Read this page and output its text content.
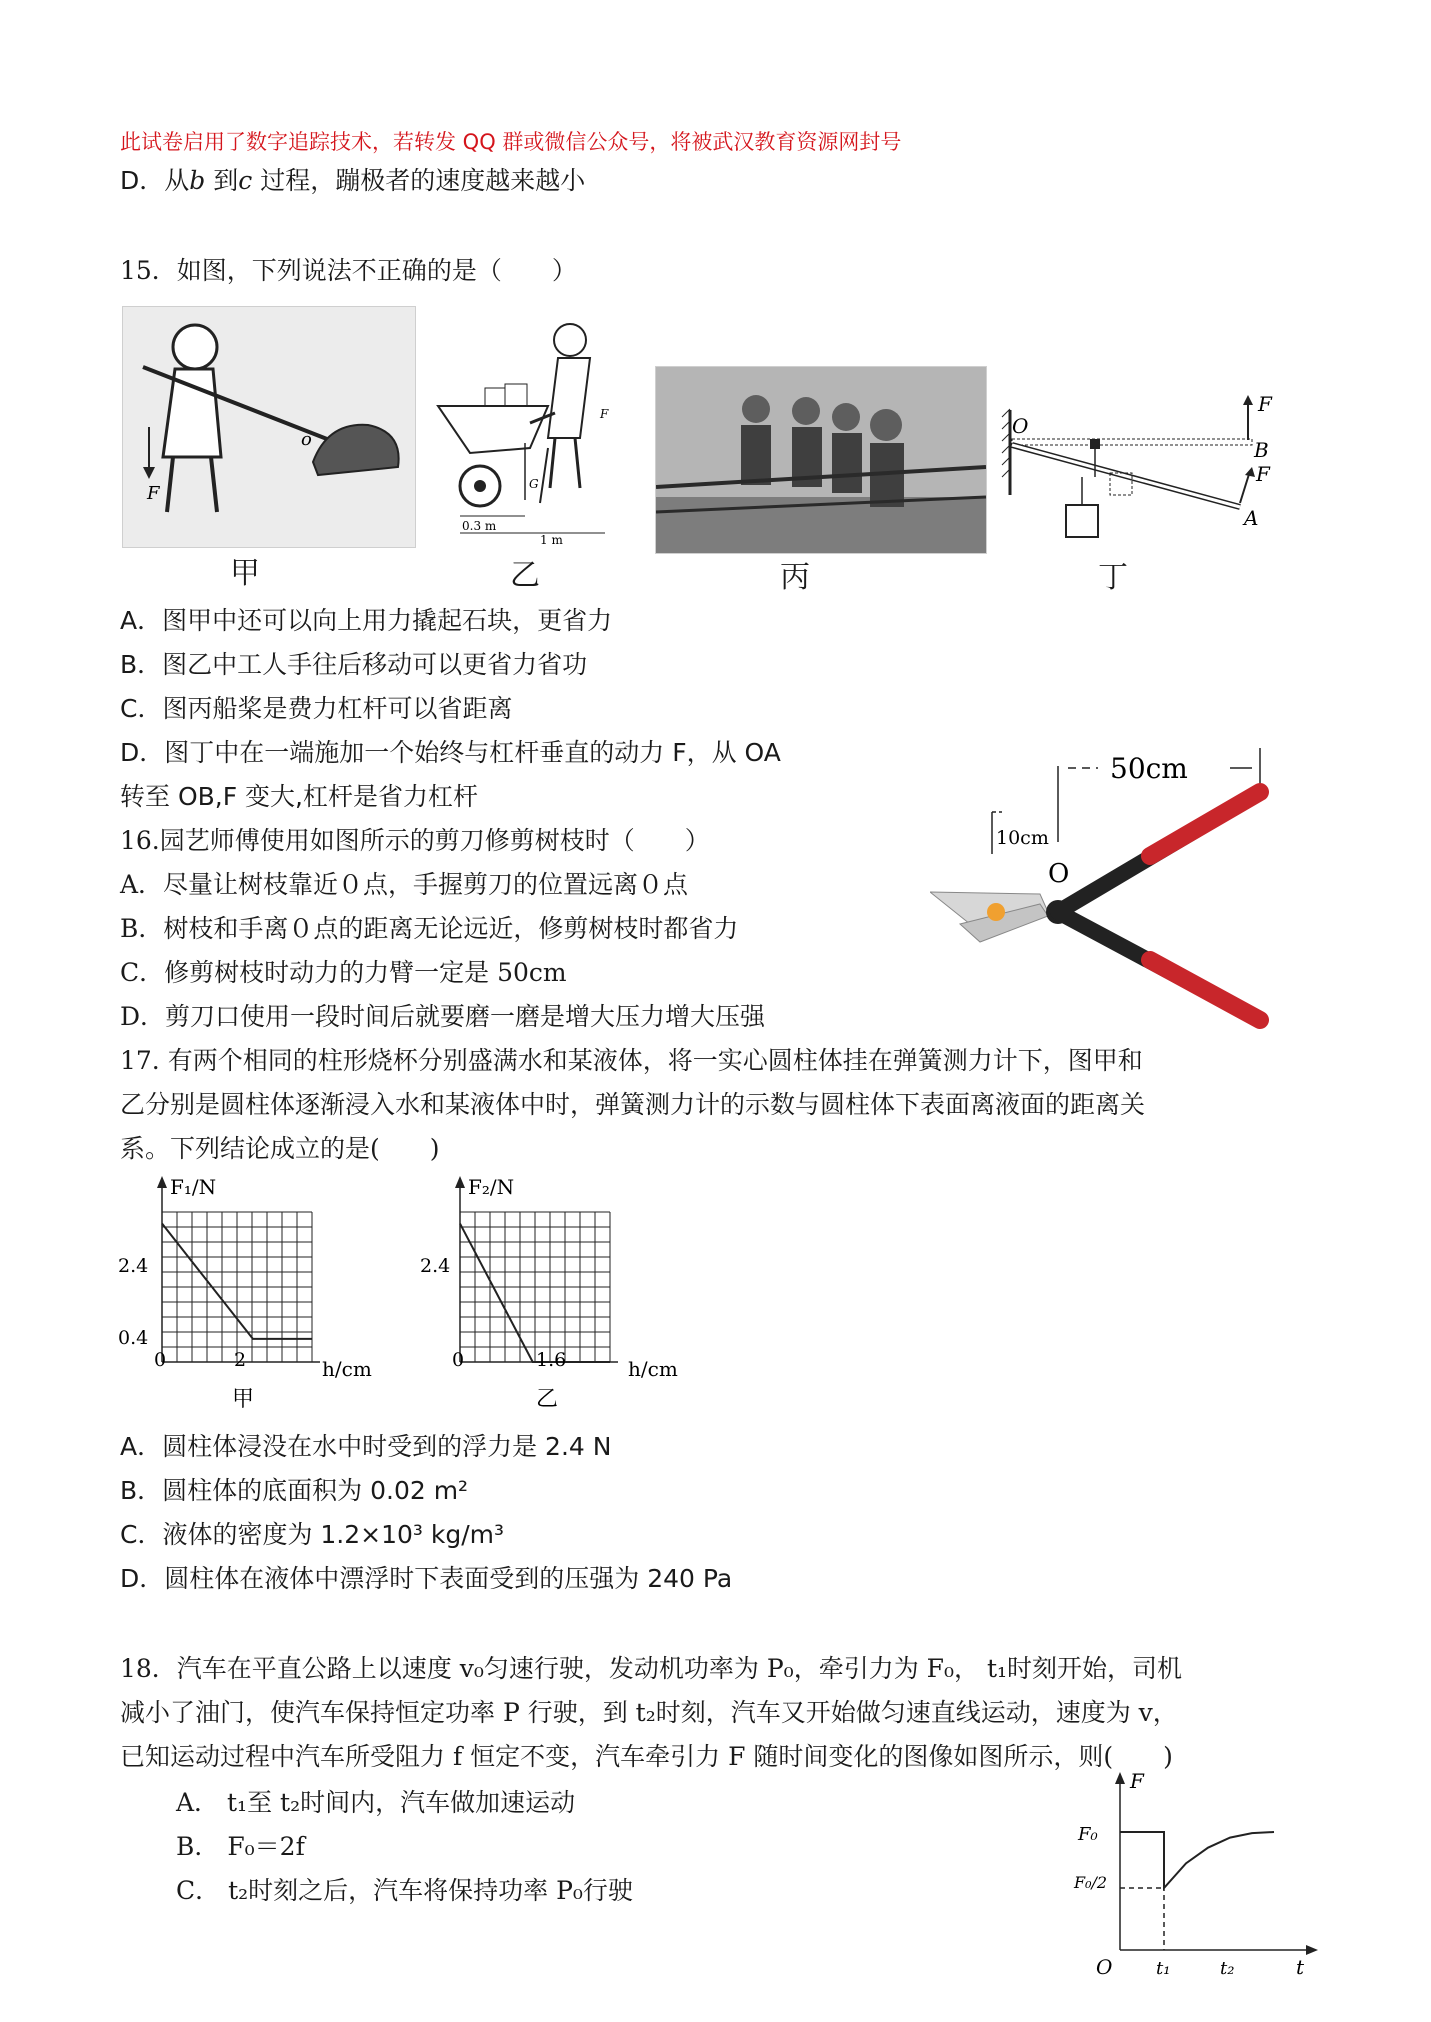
此试卷启用了数字追踪技术，若转发 QQ 群或微信公众号，将被武汉教育资源网封号
D．从b 到c 过程，蹦极者的速度越来越小
15．如图，下列说法不正确的是（　　）
F
o
甲
G
0.3 m
1 m
F
乙	丙
O
F
B
F
A
丁
A．图甲中还可以向上用力撬起石块，更省力
B．图乙中工人手往后移动可以更省力省功
C．图丙船桨是费力杠杆可以省距离
D．图丁中在一端施加一个始终与杠杆垂直的动力 F，从 OA
转至 OB,F 变大,杠杆是省力杠杆
16.园艺师傅使用如图所示的剪刀修剪树枝时（　　）
A．尽量让树枝靠近０点，手握剪刀的位置远离０点
B．树枝和手离０点的距离无论远近，修剪树枝时都省力
C．修剪树枝时动力的力臂一定是 50cm
D．剪刀口使用一段时间后就要磨一磨是增大压力增大压强
50cm
10cm
O
17. 有两个相同的柱形烧杯分别盛满水和某液体，将一实心圆柱体挂在弹簧测力计下，图甲和
乙分别是圆柱体逐渐浸入水和某液体中时，弹簧测力计的示数与圆柱体下表面离液面的距离关
系。下列结论成立的是(　　)
F₁/N
h/cm
2.4
0.4
0	2
甲
F₂/N
h/cm
2.4
0	1.6
乙
A．圆柱体浸没在水中时受到的浮力是 2.4 N
B．圆柱体的底面积为 0.02 m²
C．液体的密度为 1.2×10³ kg/m³
D．圆柱体在液体中漂浮时下表面受到的压强为 240 Pa
18．汽车在平直公路上以速度 v₀匀速行驶，发动机功率为 P₀，牵引力为 F₀， t₁时刻开始，司机
减小了油门，使汽车保持恒定功率 P 行驶，到 t₂时刻，汽车又开始做匀速直线运动，速度为 v，
已知运动过程中汽车所受阻力 f 恒定不变，汽车牵引力 F 随时间变化的图像如图所示，则(　　)
A． t₁至 t₂时间内，汽车做加速运动
B． F₀＝2f
C． t₂时刻之后，汽车将保持功率 P₀行驶
F
t
O
F₀
F₀/2
t₁	t₂
